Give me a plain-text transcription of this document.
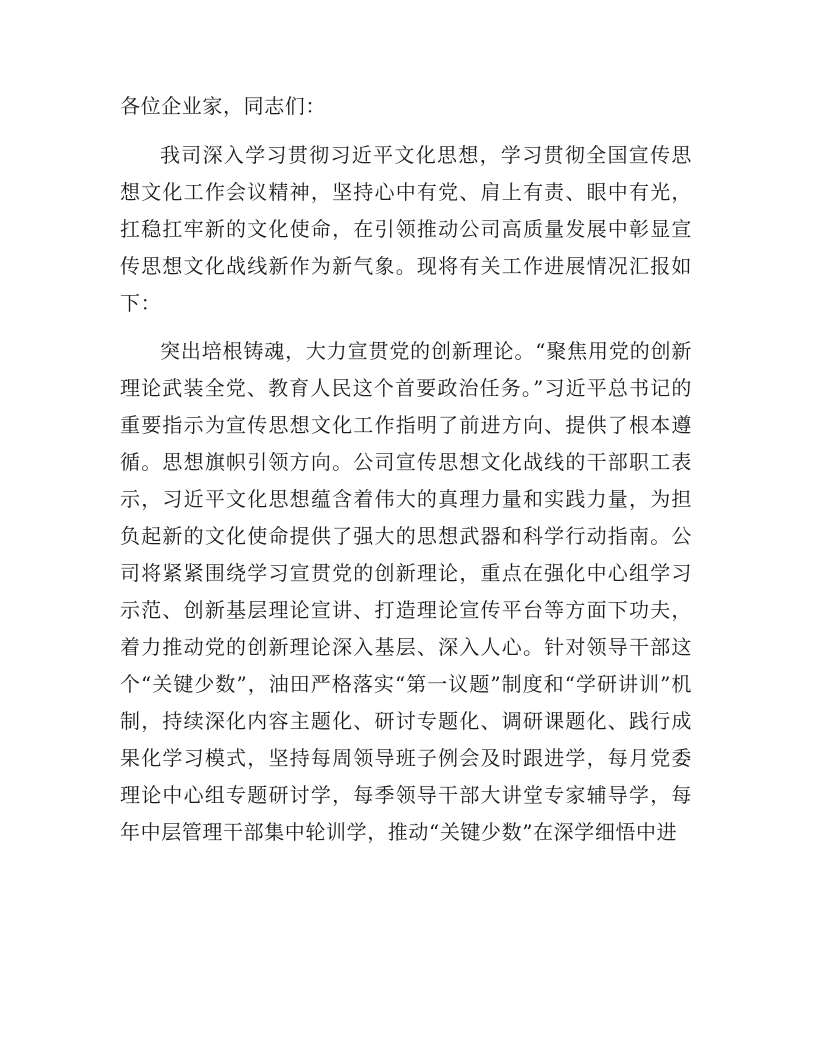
各位企业家，同志们：

我司深入学习贯彻习近平文化思想，学习贯彻全国宣传思想文化工作会议精神，坚持心中有党、肩上有责、眼中有光，扛稳扛牢新的文化使命，在引领推动公司高质量发展中彰显宣传思想文化战线新作为新气象。现将有关工作进展情况汇报如下：

突出培根铸魂，大力宣贯党的创新理论。“聚焦用党的创新理论武装全党、教育人民这个首要政治任务。”习近平总书记的重要指示为宣传思想文化工作指明了前进方向、提供了根本遵循。思想旗帜引领方向。公司宣传思想文化战线的干部职工表示，习近平文化思想蕴含着伟大的真理力量和实践力量，为担负起新的文化使命提供了强大的思想武器和科学行动指南。公司将紧紧围绕学习宣贯党的创新理论，重点在强化中心组学习示范、创新基层理论宣讲、打造理论宣传平台等方面下功夫，着力推动党的创新理论深入基层、深入人心。针对领导干部这个“关键少数”，油田严格落实“第一议题”制度和“学研讲训”机制，持续深化内容主题化、研讨专题化、调研课题化、践行成果化学习模式，坚持每周领导班子例会及时跟进学，每月党委理论中心组专题研讨学，每季领导干部大讲堂专家辅导学，每年中层管理干部集中轮训学，推动“关键少数”在深学细悟中进
